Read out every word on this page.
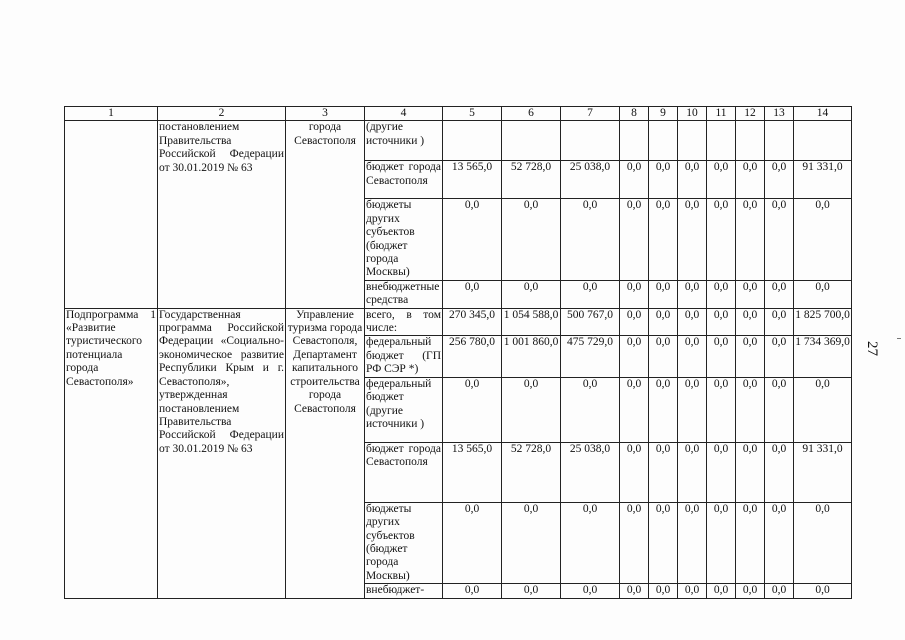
1	2	3	4	5	6	7	8	9	10	11	12	13	14
	постановлением Правительства Российской Федерации от 30.01.2019 № 63	города Севастополя	(другие источники )										
			бюджет города Севастополя	13 565,0	52 728,0	25 038,0	0,0	0,0	0,0	0,0	0,0	0,0	91 331,0
			бюджеты других субъектов (бюджет города Москвы)	0,0	0,0	0,0	0,0	0,0	0,0	0,0	0,0	0,0	0,0
			внебюджетные средства	0,0	0,0	0,0	0,0	0,0	0,0	0,0	0,0	0,0	0,0
Подпрограмма 1 «Развитие туристического потенциала города Севастополя»	Государственная программа Российской Федерации «Социально-экономическое развитие Республики Крым и г. Севастополя», утвержденная постановлением Правительства Российской Федерации от 30.01.2019 № 63	Управление туризма города Севастополя, Департамент капитального строительства города Севастополя	всего, в том числе:	270 345,0	1 054 588,0	500 767,0	0,0	0,0	0,0	0,0	0,0	0,0	1 825 700,0
			федеральный бюджет (ГП РФ СЭР *)	256 780,0	1 001 860,0	475 729,0	0,0	0,0	0,0	0,0	0,0	0,0	1 734 369,0
			федеральный бюджет (другие источники )	0,0	0,0	0,0	0,0	0,0	0,0	0,0	0,0	0,0	0,0
			бюджет города Севастополя	13 565,0	52 728,0	25 038,0	0,0	0,0	0,0	0,0	0,0	0,0	91 331,0
			бюджеты других субъектов (бюджет города Москвы)	0,0	0,0	0,0	0,0	0,0	0,0	0,0	0,0	0,0	0,0
			внебюджет-	0,0	0,0	0,0	0,0	0,0	0,0	0,0	0,0	0,0	0,0
27
